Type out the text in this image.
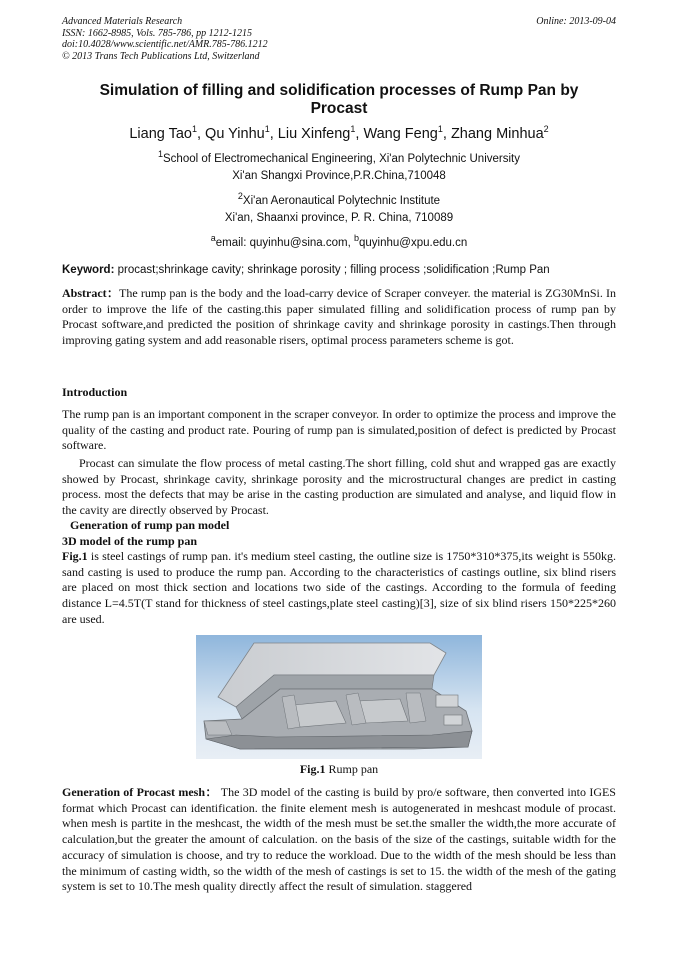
Advanced Materials Research
ISSN: 1662-8985, Vols. 785-786, pp 1212-1215
doi:10.4028/www.scientific.net/AMR.785-786.1212
© 2013 Trans Tech Publications Ltd, Switzerland
Online: 2013-09-04
Simulation of filling and solidification processes of Rump Pan by
Procast
Liang Tao$^1$, Qu Yinhu$^1$, Liu Xinfeng$^1$, Wang Feng$^1$, Zhang Minhua$^2$
$^1$School of Electromechanical Engineering, Xi'an Polytechnic University
Xi'an Shangxi Province,P.R.China,710048
$^2$Xi'an Aeronautical Polytechnic Institute
Xi'an, Shaanxi province, P. R. China, 710089
$^a$email: quyinhu@sina.com, $^b$quyinhu@xpu.edu.cn
Keyword: procast;shrinkage cavity; shrinkage porosity ; filling process ;solidification ;Rump Pan
Abstract：The rump pan is the body and the load-carry device of Scraper conveyer. the material is ZG30MnSi. In order to improve the life of the casting.this paper simulated filling and solidification process of rump pan by Procast software,and predicted the position of shrinkage cavity and shrinkage porosity in castings.Then through improving gating system and add reasonable risers, optimal process parameters scheme is got.
Introduction
The rump pan is an important component in the scraper conveyor. In order to optimize the process and improve the quality of the casting and product rate. Pouring of rump pan is simulated,position of defect is predicted by Procast software.
Procast can simulate the flow process of metal casting.The short filling, cold shut and wrapped gas are exactly showed by Procast, shrinkage cavity, shrinkage porosity and the microstructural changes are predict in casting process. most the defects that may be arise in the casting production are simulated and analyse, and liquid flow in the cavity are directly observed by Procast.
Generation of rump pan model
3D model of the rump pan
Fig.1 is steel castings of rump pan. it's medium steel casting, the outline size is 1750*310*375,its weight is 550kg. sand casting is used to produce the rump pan. According to the characteristics of castings outline, six blind risers are placed on most thick section and locations two side of the castings. According to the formula of feeding distance L=4.5T(T stand for thickness of steel castings,plate steel casting)[3], size of six blind risers 150*225*260 are used.
Fig.1 Rump pan
Generation of Procast mesh： The 3D model of the casting is build by pro/e software, then converted into IGES format which Procast can identification. the finite element mesh is autogenerated in meshcast module of procast. when mesh is partite in the meshcast, the width of the mesh must be set.the smaller the width,the more accurate of calculation,but the greater the amount of calculation. on the basis of the size of the castings, suitable width for the accuracy of simulation is choose, and try to reduce the workload. Due to the width of the mesh should be less than the minimum of casting width, so the width of the mesh of castings is set to 15. the width of the mesh of the gating system is set to 10.The mesh quality directly affect the result of simulation. staggered
